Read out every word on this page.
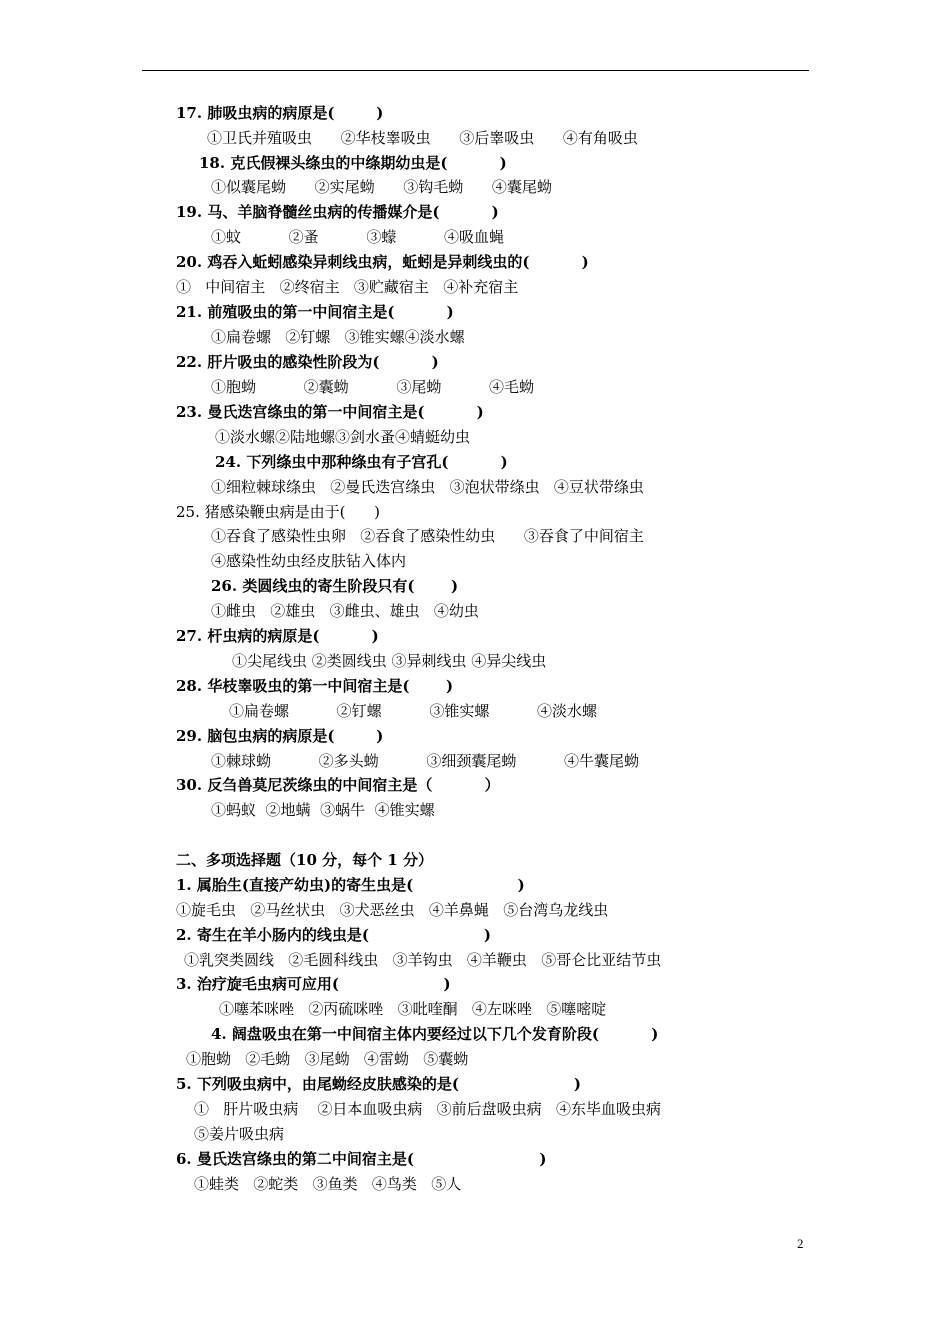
17. 肺吸虫病的病原是(        )
①卫氏并殖吸虫      ②华枝睾吸虫      ③后睾吸虫      ④有角吸虫
18. 克氏假裸头绦虫的中绦期幼虫是(          )
①似囊尾蚴      ②实尾蚴      ③钩毛蚴      ④囊尾蚴
19. 马、羊脑脊髓丝虫病的传播媒介是(          )
①蚊          ②蚤          ③蠓          ④吸血蝇
20. 鸡吞入蚯蚓感染异刺线虫病，蚯蚓是异刺线虫的(          )
①   中间宿主   ②终宿主   ③贮藏宿主   ④补充宿主
21. 前殖吸虫的第一中间宿主是(          )
①扁卷螺   ②钉螺   ③锥实螺④淡水螺
22. 肝片吸虫的感染性阶段为(          )
①胞蚴          ②囊蚴          ③尾蚴          ④毛蚴
23. 曼氏迭宫绦虫的第一中间宿主是(          )
①淡水螺②陆地螺③剑水蚤④蜻蜓幼虫
24. 下列绦虫中那种绦虫有子宫孔(          )
①细粒棘球绦虫   ②曼氏迭宫绦虫   ③泡状带绦虫   ④豆状带绦虫
25. 猪感染鞭虫病是由于(      )
①吞食了感染性虫卵   ②吞食了感染性幼虫      ③吞食了中间宿主
④感染性幼虫经皮肤钻入体内
26. 类圆线虫的寄生阶段只有(       )
①雌虫   ②雄虫   ③雌虫、雄虫   ④幼虫
27. 杆虫病的病原是(          )
①尖尾线虫 ②类圆线虫 ③异刺线虫 ④异尖线虫
28. 华枝睾吸虫的第一中间宿主是(       )
①扁卷螺          ②钉螺          ③锥实螺          ④淡水螺
29. 脑包虫病的病原是(        )
①棘球蚴          ②多头蚴          ③细颈囊尾蚴          ④牛囊尾蚴
30. 反刍兽莫尼茨绦虫的中间宿主是（          ）
①蚂蚁  ②地螨  ③蜗牛  ④锥实螺
二、多项选择题（10 分，每个 1 分）
1. 属胎生(直接产幼虫)的寄生虫是(                    )
①旋毛虫   ②马丝状虫   ③犬恶丝虫   ④羊鼻蝇   ⑤台湾乌龙线虫
2. 寄生在羊小肠内的线虫是(                      )
①乳突类圆线   ②毛圆科线虫   ③羊钩虫   ④羊鞭虫   ⑤哥仑比亚结节虫
3. 治疗旋毛虫病可应用(                    )
①噻苯咪唑   ②丙硫咪唑   ③吡喹酮   ④左咪唑   ⑤噻嘧啶
4. 阔盘吸虫在第一中间宿主体内要经过以下几个发育阶段(          )
①胞蚴   ②毛蚴   ③尾蚴   ④雷蚴   ⑤囊蚴
5. 下列吸虫病中，由尾蚴经皮肤感染的是(                      )
①   肝片吸虫病    ②日本血吸虫病   ③前后盘吸虫病   ④东毕血吸虫病
⑤姜片吸虫病
6. 曼氏迭宫绦虫的第二中间宿主是(                        )
①蛙类   ②蛇类   ③鱼类   ④鸟类   ⑤人
2
